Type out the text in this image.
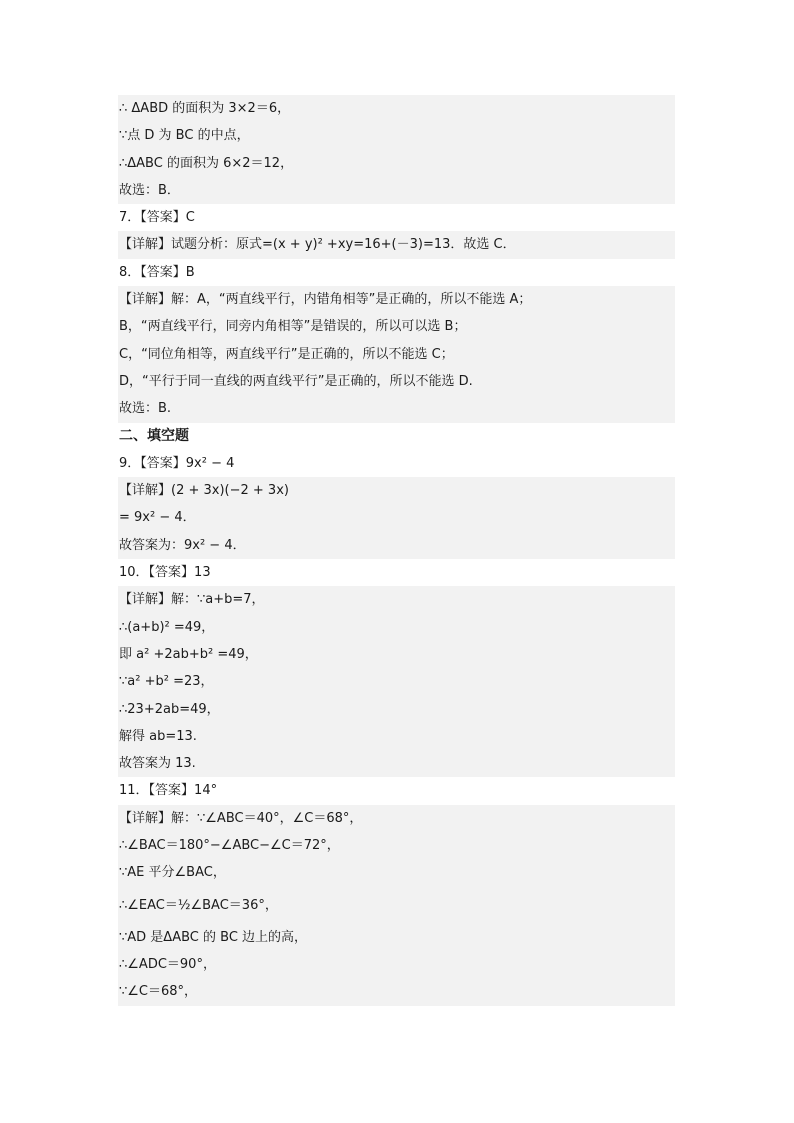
∴ ΔABD 的面积为 3×2＝6，
∵点 D 为 BC 的中点，
∴ΔABC 的面积为 6×2＝12，
故选：B．
7．【答案】C
【详解】试题分析：原式=(x + y)² +xy=16+(－3)=13．故选 C．
8．【答案】B
【详解】解：A，“两直线平行，内错角相等”是正确的，所以不能选 A；
B，“两直线平行，同旁内角相等”是错误的，所以可以选 B；
C，“同位角相等，两直线平行”是正确的，所以不能选 C；
D，“平行于同一直线的两直线平行”是正确的，所以不能选 D.
故选：B.
二、填空题
9．【答案】9x² − 4
【详解】(2 + 3x)(−2 + 3x)
= 9x² − 4．
故答案为：9x² − 4．
10．【答案】13
【详解】解：∵a+b=7，
∴(a+b)² =49，
即 a² +2ab+b² =49，
∵a² +b² =23，
∴23+2ab=49，
解得 ab=13.
故答案为 13.
11．【答案】14°
【详解】解：∵∠ABC＝40°，∠C＝68°，
∴∠BAC＝180°−∠ABC−∠C＝72°，
∵AE 平分∠BAC，
∴∠EAC＝½∠BAC＝36°，
∵AD 是ΔABC 的 BC 边上的高，
∴∠ADC＝90°，
∵∠C＝68°，
